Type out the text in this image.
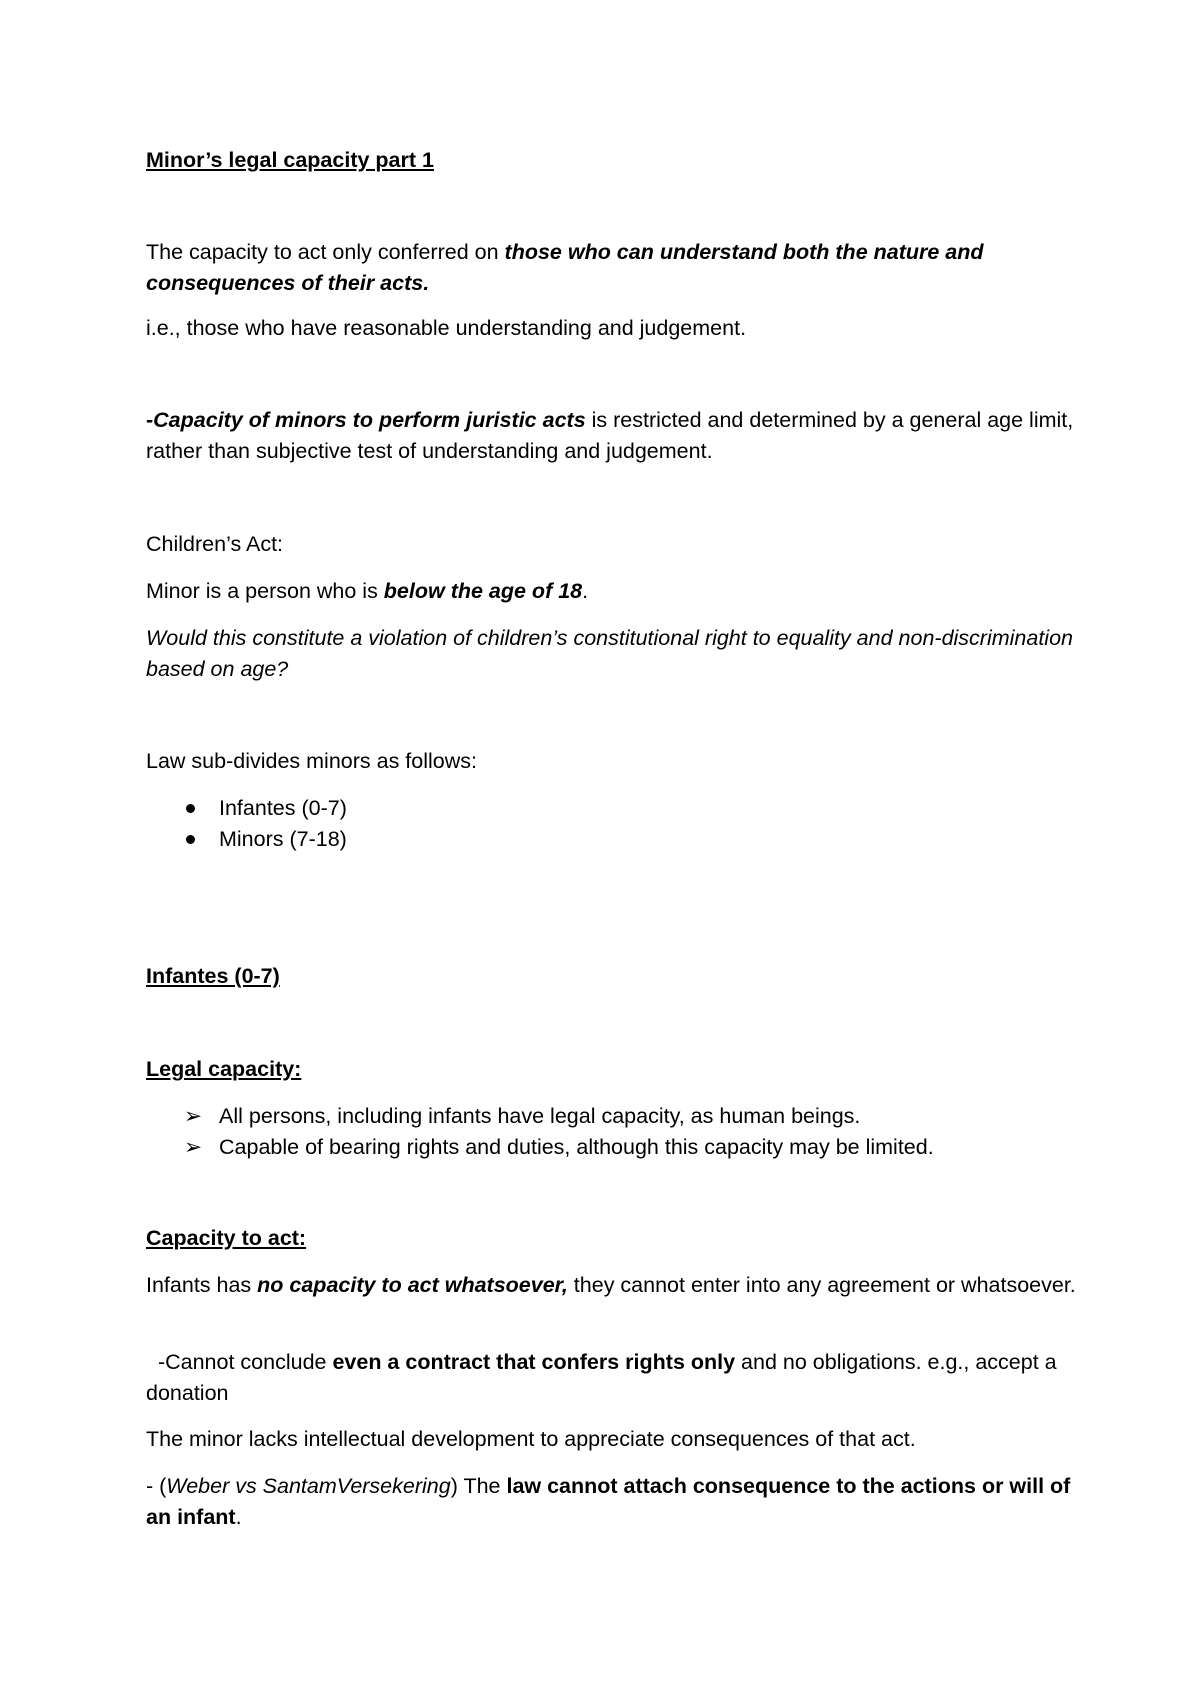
Minor’s legal capacity part 1

The capacity to act only conferred on those who can understand both the nature and consequences of their acts.

i.e., those who have reasonable understanding and judgement.

-Capacity of minors to perform juristic acts is restricted and determined by a general age limit, rather than subjective test of understanding and judgement.

Children’s Act:

Minor is a person who is below the age of 18.

Would this constitute a violation of children’s constitutional right to equality and non-discrimination based on age?

Law sub-divides minors as follows:

Infantes (0-7)
Minors (7-18)

Infantes (0-7)

Legal capacity:

➢ All persons, including infants have legal capacity, as human beings.
➢ Capable of bearing rights and duties, although this capacity may be limited.

Capacity to act:

Infants has no capacity to act whatsoever, they cannot enter into any agreement or whatsoever.

-Cannot conclude even a contract that confers rights only and no obligations. e.g., accept a donation

The minor lacks intellectual development to appreciate consequences of that act.

- (Weber vs SantamVersekering) The law cannot attach consequence to the actions or will of an infant.
